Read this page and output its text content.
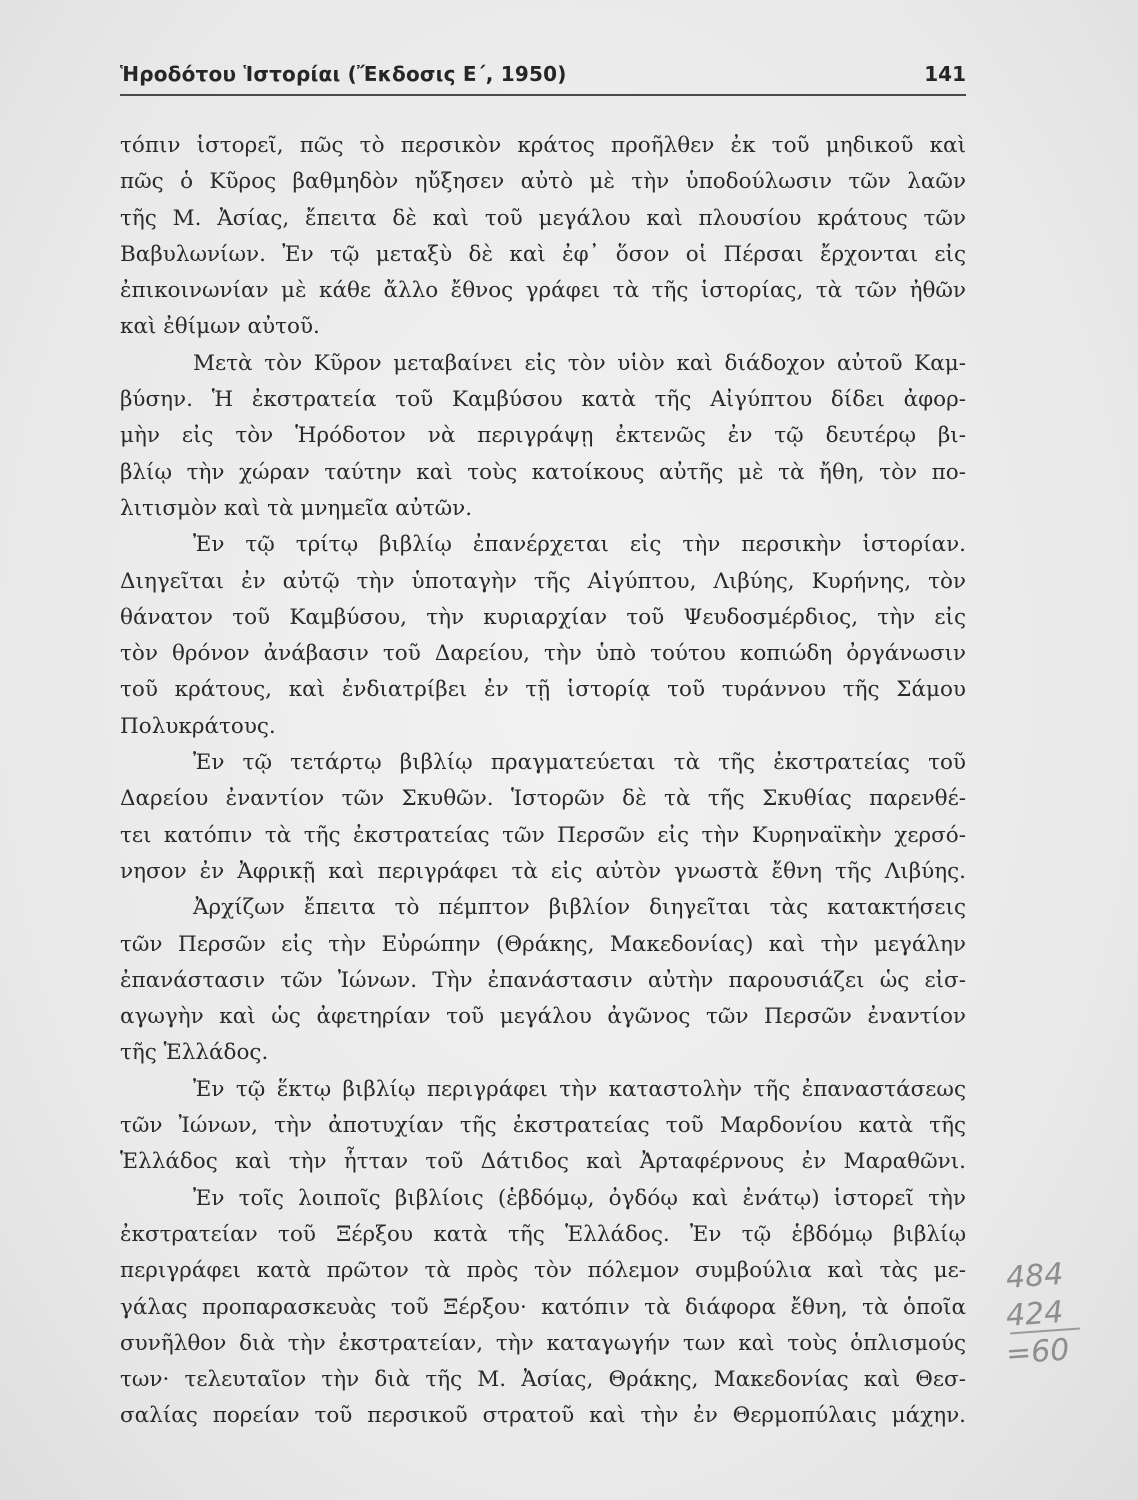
Ἡροδότου Ἱστορίαι (Ἔκδοσις Ε΄, 1950)	141
τόπιν ἱστορεῖ, πῶς τὸ περσικὸν κράτος προῆλθεν ἐκ τοῦ μηδικοῦ καὶ
πῶς ὁ Κῦρος βαθμηδὸν ηὔξησεν αὐτὸ μὲ τὴν ὑποδούλωσιν τῶν λαῶν
τῆς Μ. Ἀσίας, ἔπειτα δὲ καὶ τοῦ μεγάλου καὶ πλουσίου κράτους τῶν
Βαβυλωνίων. Ἐν τῷ μεταξὺ δὲ καὶ ἐφ᾿ ὅσον οἱ Πέρσαι ἔρχονται εἰς
ἐπικοινωνίαν μὲ κάθε ἄλλο ἔθνος γράφει τὰ τῆς ἱστορίας, τὰ τῶν ἠθῶν
καὶ ἐθίμων αὐτοῦ.
Μετὰ τὸν Κῦρον μεταβαίνει εἰς τὸν υἱὸν καὶ διάδοχον αὐτοῦ Καμ-
βύσην. Ἡ ἐκστρατεία τοῦ Καμβύσου κατὰ τῆς Αἰγύπτου δίδει ἀφορ-
μὴν εἰς τὸν Ἡρόδοτον νὰ περιγράψῃ ἐκτενῶς ἐν τῷ δευτέρῳ βι-
βλίῳ τὴν χώραν ταύτην καὶ τοὺς κατοίκους αὐτῆς μὲ τὰ ἤθη, τὸν πο-
λιτισμὸν καὶ τὰ μνημεῖα αὐτῶν.
Ἐν τῷ τρίτῳ βιβλίῳ ἐπανέρχεται εἰς τὴν περσικὴν ἱστορίαν.
Διηγεῖται ἐν αὐτῷ τὴν ὑποταγὴν τῆς Αἰγύπτου, Λιβύης, Κυρήνης, τὸν
θάνατον τοῦ Καμβύσου, τὴν κυριαρχίαν τοῦ Ψευδοσμέρδιος, τὴν εἰς
τὸν θρόνον ἀνάβασιν τοῦ Δαρείου, τὴν ὑπὸ τούτου κοπιώδη ὀργάνωσιν
τοῦ κράτους, καὶ ἐνδιατρίβει ἐν τῇ ἱστορίᾳ τοῦ τυράννου τῆς Σάμου
Πολυκράτους.
Ἐν τῷ τετάρτῳ βιβλίῳ πραγματεύεται τὰ τῆς ἐκστρατείας τοῦ
Δαρείου ἐναντίον τῶν Σκυθῶν. Ἱστορῶν δὲ τὰ τῆς Σκυθίας παρενθέ-
τει κατόπιν τὰ τῆς ἐκστρατείας τῶν Περσῶν εἰς τὴν Κυρηναϊκὴν χερσό-
νησον ἐν Ἀφρικῇ καὶ περιγράφει τὰ εἰς αὐτὸν γνωστὰ ἔθνη τῆς Λιβύης.
Ἀρχίζων ἔπειτα τὸ πέμπτον βιβλίον διηγεῖται τὰς κατακτήσεις
τῶν Περσῶν εἰς τὴν Εὐρώπην (Θράκης, Μακεδονίας) καὶ τὴν μεγάλην
ἐπανάστασιν τῶν Ἰώνων. Τὴν ἐπανάστασιν αὐτὴν παρουσιάζει ὡς εἰσ-
αγωγὴν καὶ ὡς ἀφετηρίαν τοῦ μεγάλου ἀγῶνος τῶν Περσῶν ἐναντίον
τῆς Ἑλλάδος.
Ἐν τῷ ἕκτῳ βιβλίῳ περιγράφει τὴν καταστολὴν τῆς ἐπαναστάσεως
τῶν Ἰώνων, τὴν ἀποτυχίαν τῆς ἐκστρατείας τοῦ Μαρδονίου κατὰ τῆς
Ἑλλάδος καὶ τὴν ἧτταν τοῦ Δάτιδος καὶ Ἀρταφέρνους ἐν Μαραθῶνι.
Ἐν τοῖς λοιποῖς βιβλίοις (ἑβδόμῳ, ὀγδόῳ καὶ ἐνάτῳ) ἱστορεῖ τὴν
ἐκστρατείαν τοῦ Ξέρξου κατὰ τῆς Ἑλλάδος. Ἐν τῷ ἑβδόμῳ βιβλίῳ
περιγράφει κατὰ πρῶτον τὰ πρὸς τὸν πόλεμον συμβούλια καὶ τὰς με-
γάλας προπαρασκευὰς τοῦ Ξέρξου· κατόπιν τὰ διάφορα ἔθνη, τὰ ὁποῖα
συνῆλθον διὰ τὴν ἐκστρατείαν, τὴν καταγωγήν των καὶ τοὺς ὁπλισμούς
των· τελευταῖον τὴν διὰ τῆς Μ. Ἀσίας, Θράκης, Μακεδονίας καὶ Θεσ-
σαλίας πορείαν τοῦ περσικοῦ στρατοῦ καὶ τὴν ἐν Θερμοπύλαις μάχην.
484
424
=60
